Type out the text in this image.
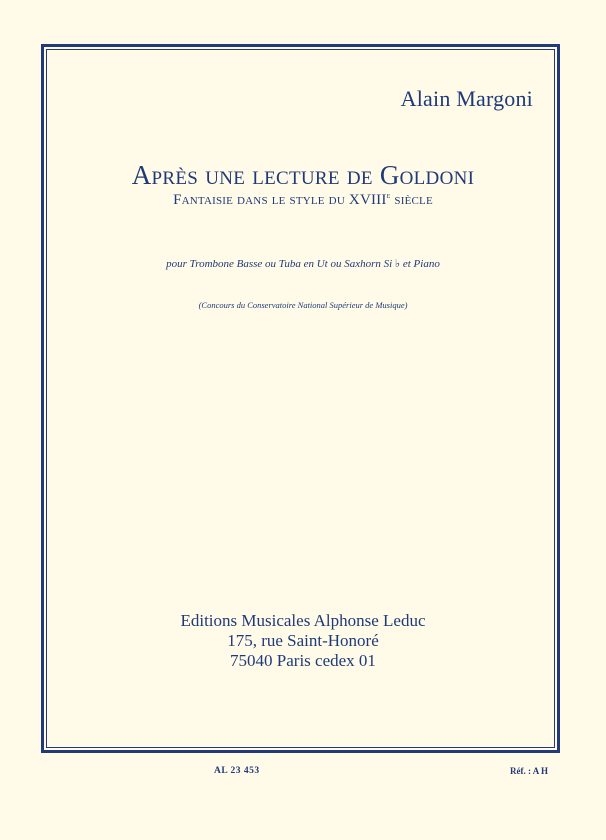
Alain Margoni
Après une lecture de Goldoni
Fantaisie dans le style du XVIIIe siècle
pour Trombone Basse ou Tuba en Ut ou Saxhorn Si ♭ et Piano
(Concours du Conservatoire National Supérieur de Musique)
Editions Musicales Alphonse Leduc
175, rue Saint-Honoré
75040 Paris cedex 01
AL 23 453	Réf. : A H
